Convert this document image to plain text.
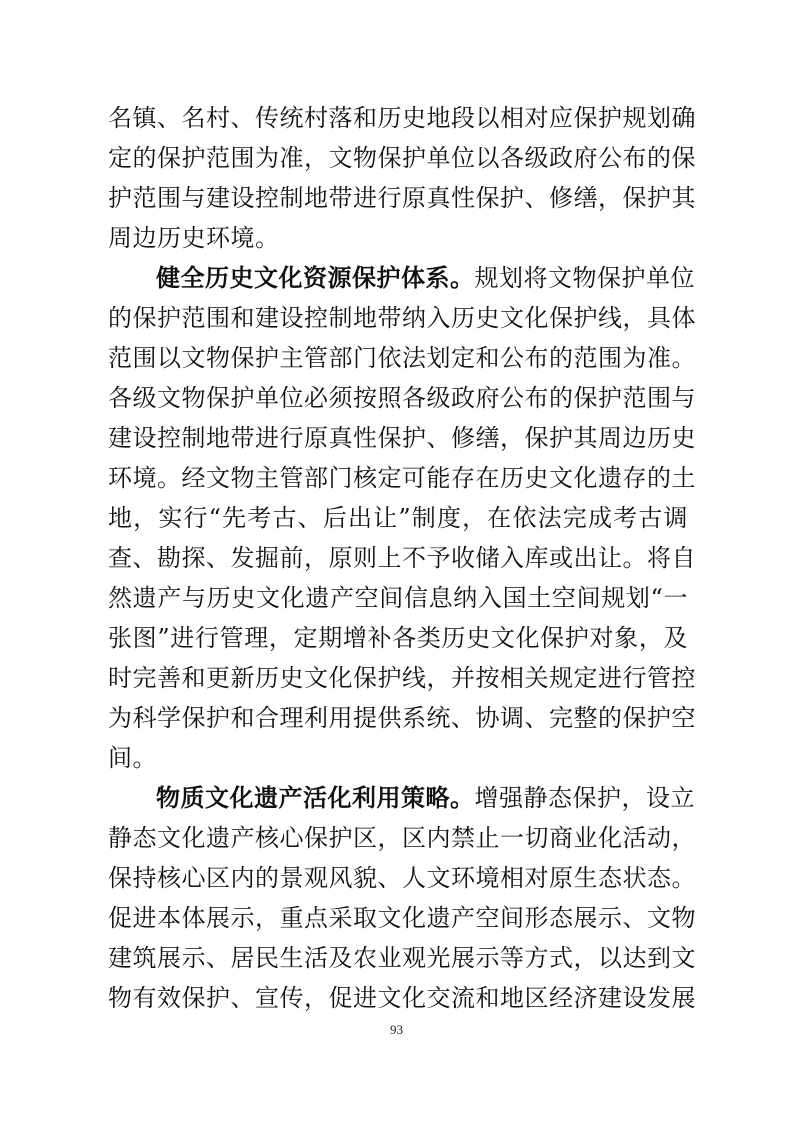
名镇、名村、传统村落和历史地段以相对应保护规划确
定的保护范围为准，文物保护单位以各级政府公布的保
护范围与建设控制地带进行原真性保护、修缮，保护其
周边历史环境。
健全历史文化资源保护体系。规划将文物保护单位
的保护范围和建设控制地带纳入历史文化保护线，具体
范围以文物保护主管部门依法划定和公布的范围为准。
各级文物保护单位必须按照各级政府公布的保护范围与
建设控制地带进行原真性保护、修缮，保护其周边历史
环境。经文物主管部门核定可能存在历史文化遗存的土
地，实行“先考古、后出让”制度，在依法完成考古调
查、勘探、发掘前，原则上不予收储入库或出让。将自
然遗产与历史文化遗产空间信息纳入国土空间规划“一
张图”进行管理，定期增补各类历史文化保护对象，及
时完善和更新历史文化保护线，并按相关规定进行管控
为科学保护和合理利用提供系统、协调、完整的保护空
间。
物质文化遗产活化利用策略。增强静态保护，设立
静态文化遗产核心保护区，区内禁止一切商业化活动，
保持核心区内的景观风貌、人文环境相对原生态状态。
促进本体展示，重点采取文化遗产空间形态展示、文物
建筑展示、居民生活及农业观光展示等方式，以达到文
物有效保护、宣传，促进文化交流和地区经济建设发展
93
